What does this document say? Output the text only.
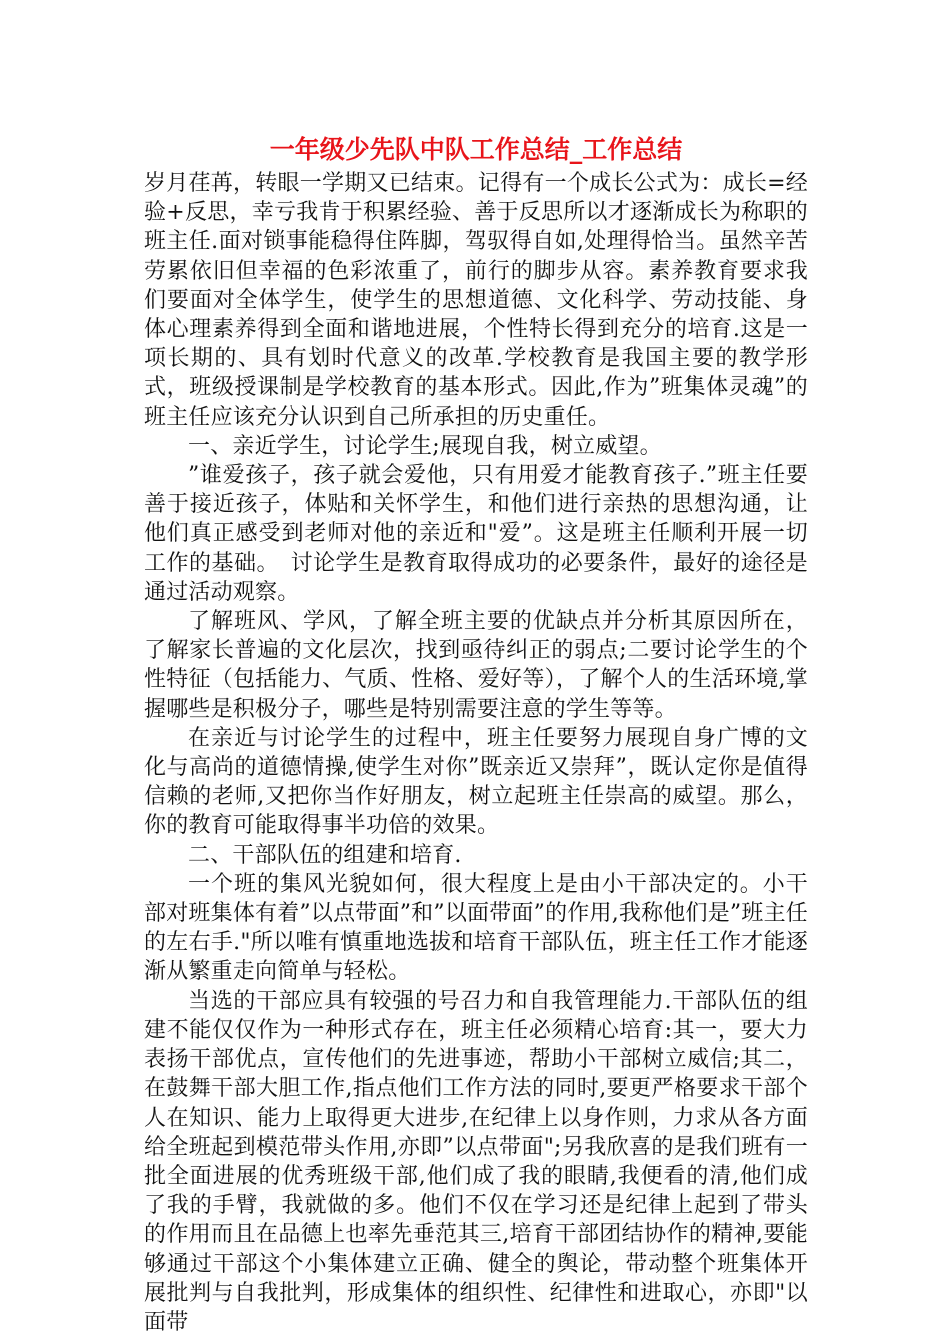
一年级少先队中队工作总结_工作总结

岁月荏苒，转眼一学期又已结束。记得有一个成长公式为：成长=经验+反思，幸亏我肯于积累经验、善于反思所以才逐渐成长为称职的班主任.面对锁事能稳得住阵脚，驾驭得自如,处理得恰当。虽然辛苦劳累依旧但幸福的色彩浓重了，前行的脚步从容。素养教育要求我们要面对全体学生，使学生的思想道德、文化科学、劳动技能、身体心理素养得到全面和谐地进展，个性特长得到充分的培育.这是一项长期的、具有划时代意义的改革.学校教育是我国主要的教学形式，班级授课制是学校教育的基本形式。因此,作为”班集体灵魂”的班主任应该充分认识到自己所承担的历史重任。

一、亲近学生，讨论学生;展现自我，树立威望。

”谁爱孩子，孩子就会爱他，只有用爱才能教育孩子.”班主任要善于接近孩子，体贴和关怀学生，和他们进行亲热的思想沟通，让他们真正感受到老师对他的亲近和"爱”。这是班主任顺利开展一切工作的基础。　讨论学生是教育取得成功的必要条件，最好的途径是通过活动观察。

了解班风、学风，了解全班主要的优缺点并分析其原因所在，了解家长普遍的文化层次，找到亟待纠正的弱点;二要讨论学生的个性特征（包括能力、气质、性格、爱好等），了解个人的生活环境,掌握哪些是积极分子，哪些是特别需要注意的学生等等。

在亲近与讨论学生的过程中，班主任要努力展现自身广博的文化与高尚的道德情操,使学生对你”既亲近又崇拜”，既认定你是值得信赖的老师,又把你当作好朋友，树立起班主任崇高的威望。那么，你的教育可能取得事半功倍的效果。

二、干部队伍的组建和培育.

一个班的集风光貌如何，很大程度上是由小干部决定的。小干部对班集体有着”以点带面”和”以面带面”的作用,我称他们是”班主任的左右手."所以唯有慎重地选拔和培育干部队伍，班主任工作才能逐渐从繁重走向简单与轻松。

当选的干部应具有较强的号召力和自我管理能力.干部队伍的组建不能仅仅作为一种形式存在，班主任必须精心培育:其一，要大力表扬干部优点，宣传他们的先进事迹，帮助小干部树立威信;其二，在鼓舞干部大胆工作,指点他们工作方法的同时,要更严格要求干部个人在知识、能力上取得更大进步,在纪律上以身作则，力求从各方面给全班起到模范带头作用,亦即”以点带面";另我欣喜的是我们班有一批全面进展的优秀班级干部,他们成了我的眼睛,我便看的清,他们成了我的手臂，我就做的多。他们不仅在学习还是纪律上起到了带头的作用而且在品德上也率先垂范其三,培育干部团结协作的精神,要能够通过干部这个小集体建立正确、健全的舆论，带动整个班集体开展批判与自我批判，形成集体的组织性、纪律性和进取心，亦即"以面带
